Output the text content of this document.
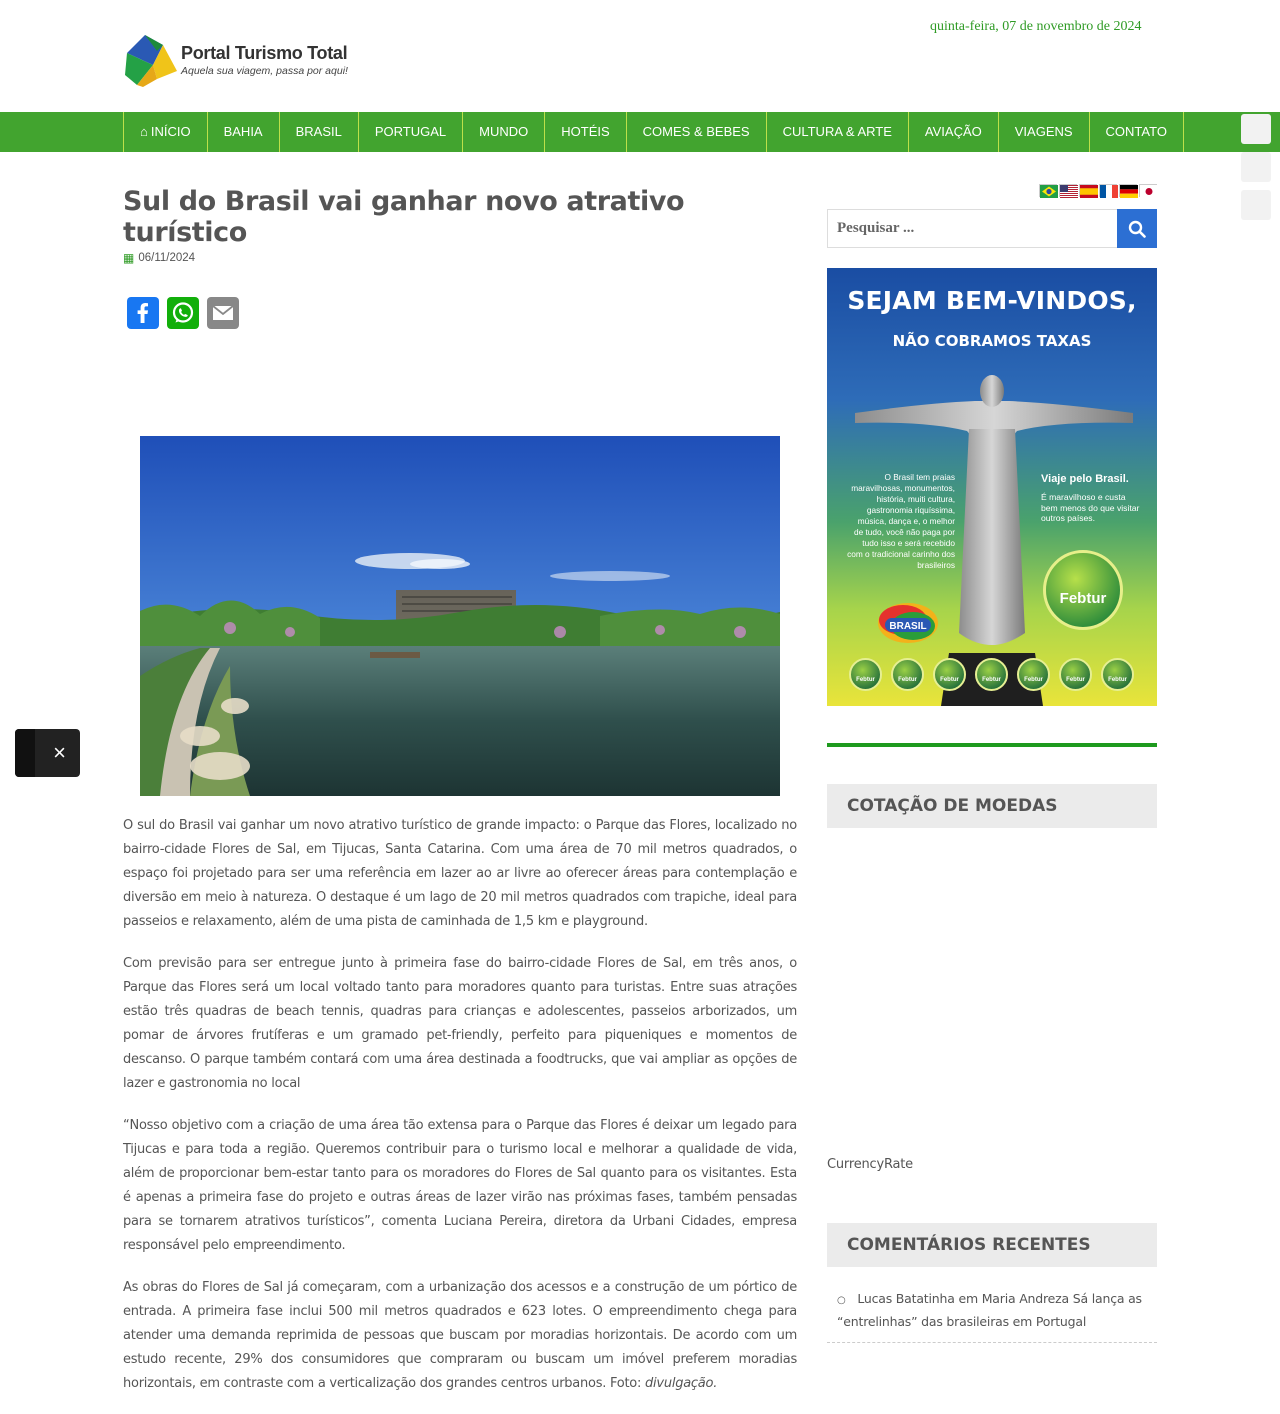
quinta-feira, 07 de novembro de 2024
Portal Turismo Total
Aquela sua viagem, passa por aqui!
⌂ INÍCIO	BAHIA	BRASIL	PORTUGAL	MUNDO	HOTÉIS	COMES & BEBES	CULTURA & ARTE	AVIAÇÃO	VIAGENS	CONTATO
Sul do Brasil vai ganhar novo atrativo turístico
▦ 06/11/2024

O sul do Brasil vai ganhar um novo atrativo turístico de grande impacto: o Parque das Flores, localizado no bairro-cidade Flores de Sal, em Tijucas, Santa Catarina. Com uma área de 70 mil metros quadrados, o espaço foi projetado para ser uma referência em lazer ao ar livre ao oferecer áreas para contemplação e diversão em meio à natureza. O destaque é um lago de 20 mil metros quadrados com trapiche, ideal para passeios e relaxamento, além de uma pista de caminhada de 1,5 km e playground.

Com previsão para ser entregue junto à primeira fase do bairro-cidade Flores de Sal, em três anos, o Parque das Flores será um local voltado tanto para moradores quanto para turistas. Entre suas atrações estão três quadras de beach tennis, quadras para crianças e adolescentes, passeios arborizados, um pomar de árvores frutíferas e um gramado pet-friendly, perfeito para piqueniques e momentos de descanso. O parque também contará com uma área destinada a foodtrucks, que vai ampliar as opções de lazer e gastronomia no local

“Nosso objetivo com a criação de uma área tão extensa para o Parque das Flores é deixar um legado para Tijucas e para toda a região. Queremos contribuir para o turismo local e melhorar a qualidade de vida, além de proporcionar bem-estar tanto para os moradores do Flores de Sal quanto para os visitantes. Esta é apenas a primeira fase do projeto e outras áreas de lazer virão nas próximas fases, também pensadas para se tornarem atrativos turísticos”, comenta Luciana Pereira, diretora da Urbani Cidades, empresa responsável pelo empreendimento.

As obras do Flores de Sal já começaram, com a urbanização dos acessos e a construção de um pórtico de entrada. A primeira fase inclui 500 mil metros quadrados e 623 lotes. O empreendimento chega para atender uma demanda reprimida de pessoas que buscam por moradias horizontais. De acordo com um estudo recente, 29% dos consumidores que compraram ou buscam um imóvel preferem moradias horizontais, em contraste com a verticalização dos grandes centros urbanos. Foto: divulgação.

×
Pesquisar ...
SEJAM BEM-VINDOS,
NÃO COBRAMOS TAXAS
O Brasil tem praias maravilhosas, monumentos, história, muiti cultura, gastronomia riquíssima, música, dança e, o melhor de tudo, você não paga por tudo isso e será recebido com o tradicional carinho dos brasileiros
Viaje pelo Brasil.
É maravilhoso e custa bem menos do que visitar outros países.
Febtur
BRASIL
Febtur	Febtur	Febtur	Febtur	Febtur	Febtur	Febtur
COTAÇÃO DE MOEDAS
CurrencyRate
COMENTÁRIOS RECENTES
○ Lucas Batatinha em Maria Andreza Sá lança as “entrelinhas” das brasileiras em Portugal
